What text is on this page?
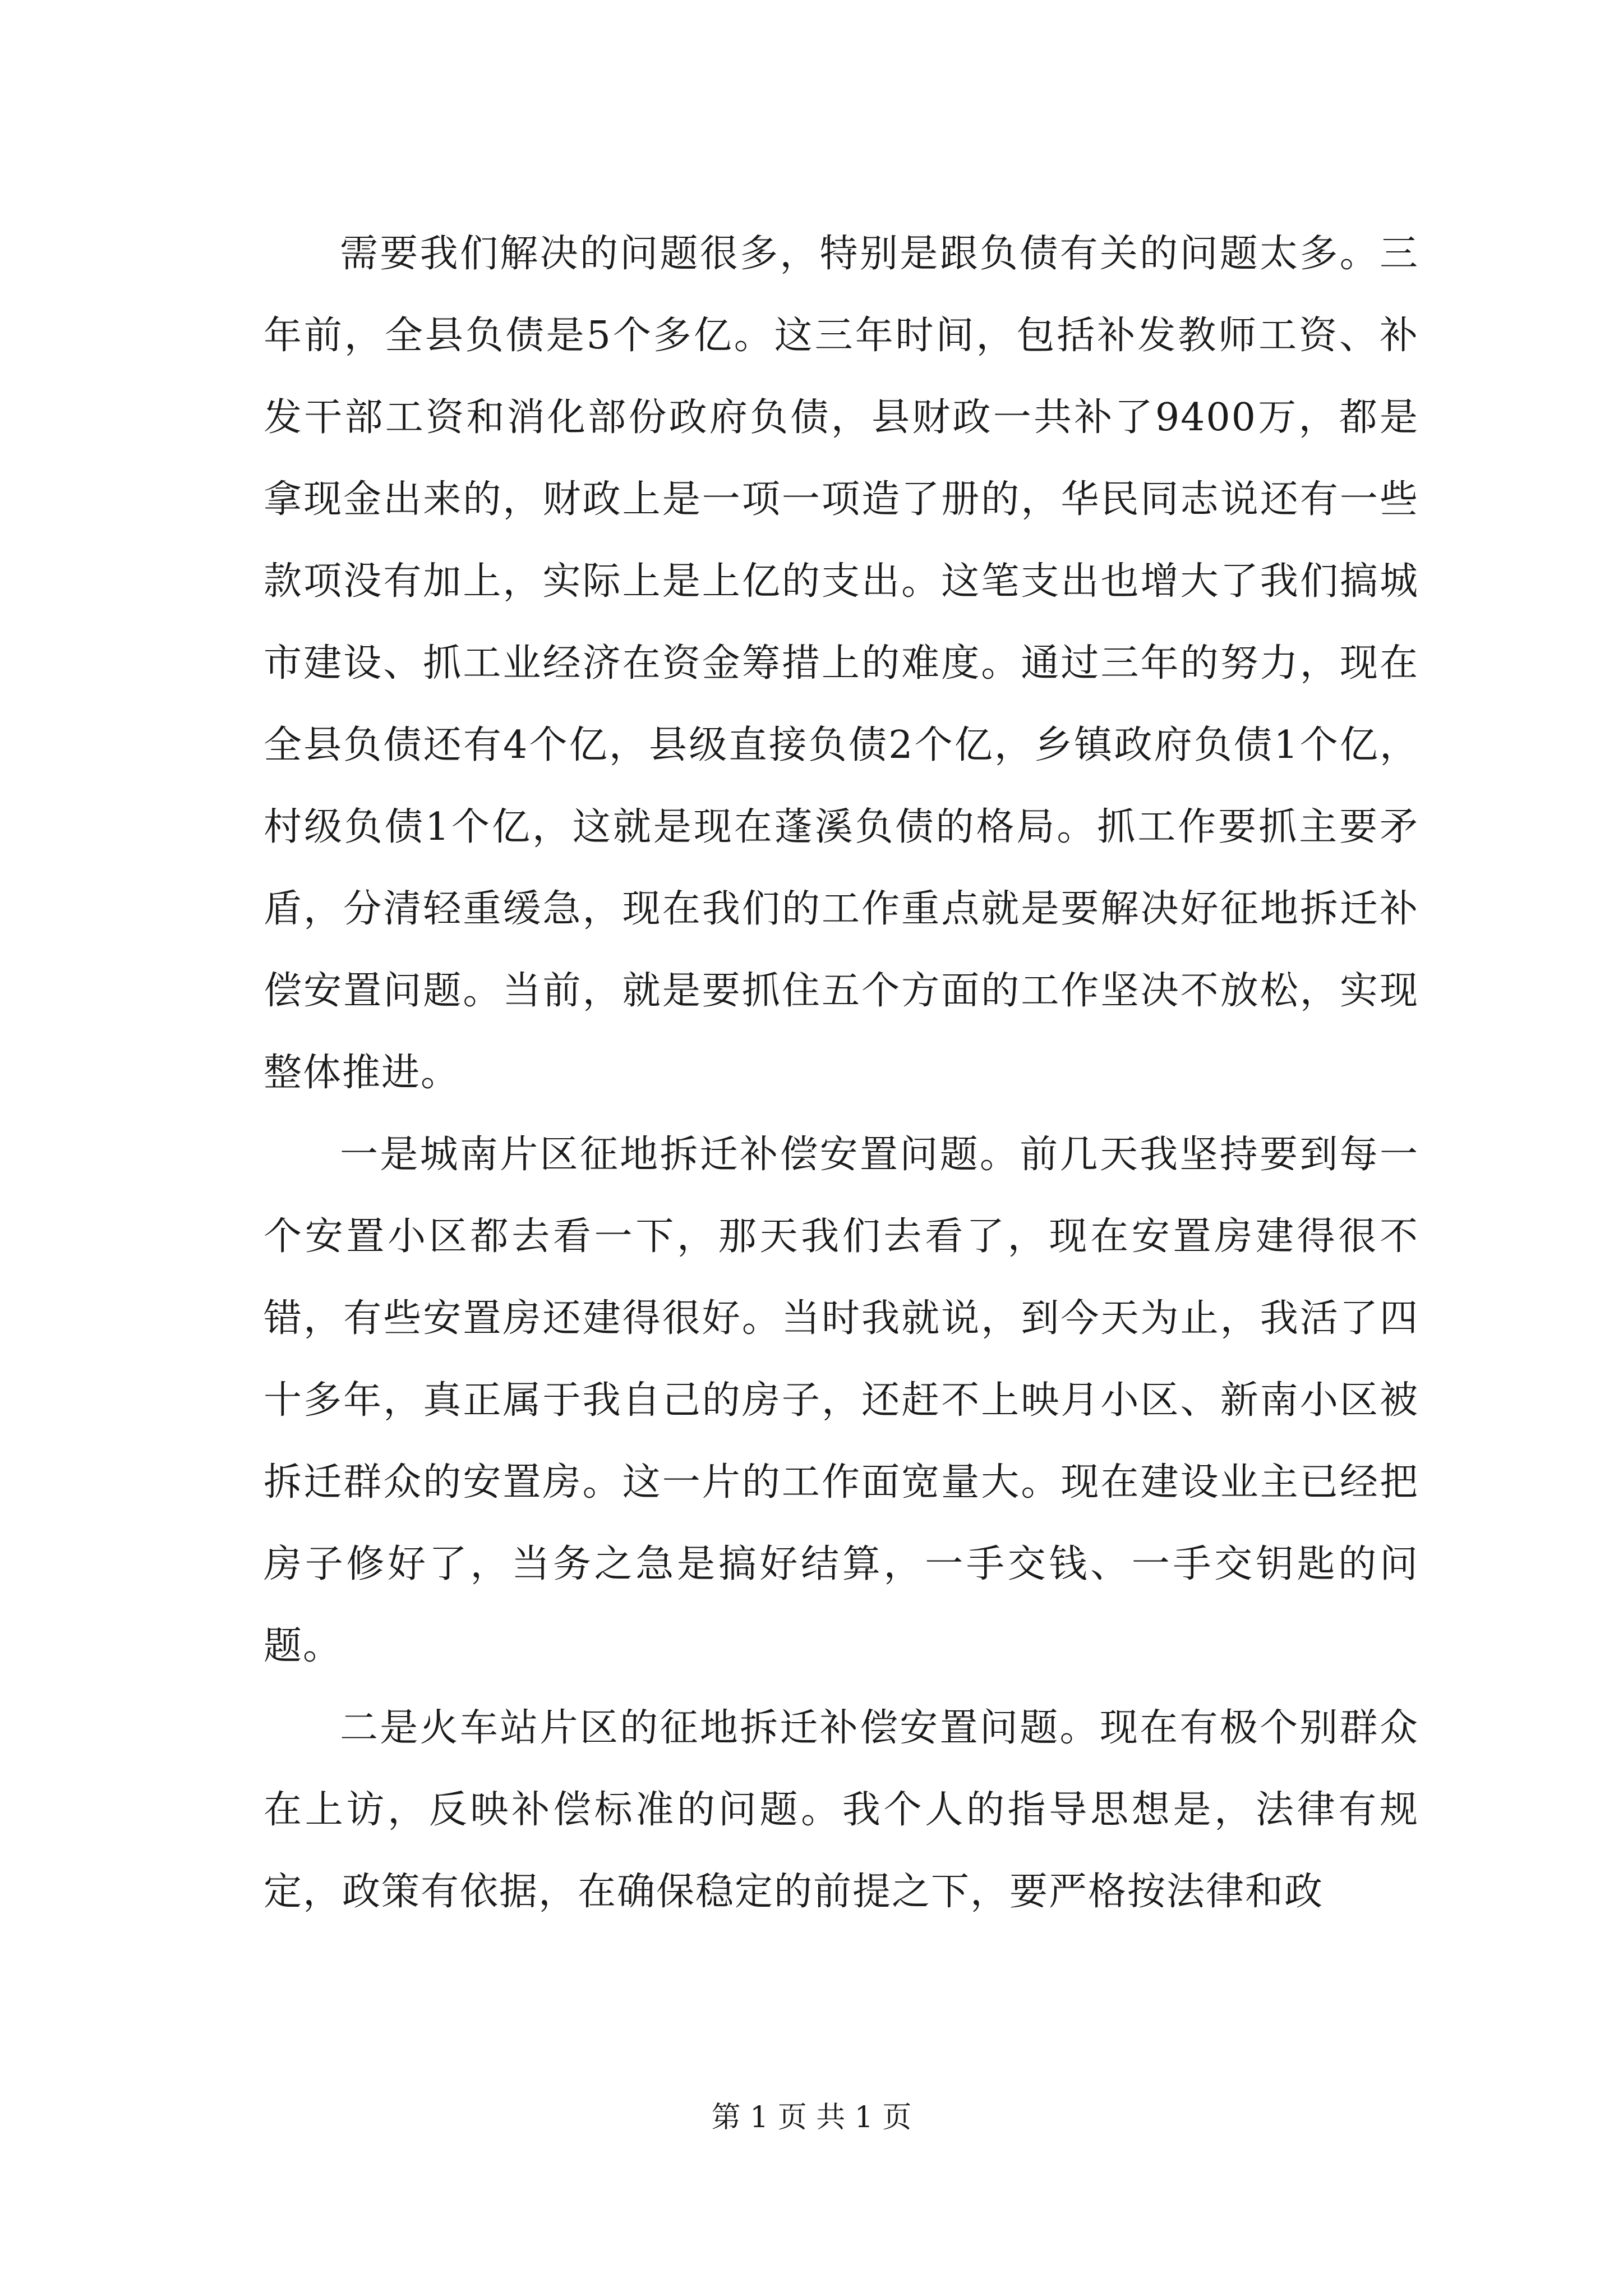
需要我们解决的问题很多，特别是跟负债有关的问题太多。三年前，全县负债是5个多亿。这三年时间，包括补发教师工资、补发干部工资和消化部份政府负债，县财政一共补了9400万，都是拿现金出来的，财政上是一项一项造了册的，华民同志说还有一些款项没有加上，实际上是上亿的支出。这笔支出也增大了我们搞城市建设、抓工业经济在资金筹措上的难度。通过三年的努力，现在全县负债还有4个亿，县级直接负债2个亿，乡镇政府负债1个亿，村级负债1个亿，这就是现在蓬溪负债的格局。抓工作要抓主要矛盾，分清轻重缓急，现在我们的工作重点就是要解决好征地拆迁补偿安置问题。当前，就是要抓住五个方面的工作坚决不放松，实现整体推进。

一是城南片区征地拆迁补偿安置问题。前几天我坚持要到每一个安置小区都去看一下，那天我们去看了，现在安置房建得很不错，有些安置房还建得很好。当时我就说，到今天为止，我活了四十多年，真正属于我自己的房子，还赶不上映月小区、新南小区被拆迁群众的安置房。这一片的工作面宽量大。现在建设业主已经把房子修好了，当务之急是搞好结算，一手交钱、一手交钥匙的问题。

二是火车站片区的征地拆迁补偿安置问题。现在有极个别群众在上访，反映补偿标准的问题。我个人的指导思想是，法律有规定，政策有依据，在确保稳定的前提之下，要严格按法律和政

第 1 页 共 1 页
